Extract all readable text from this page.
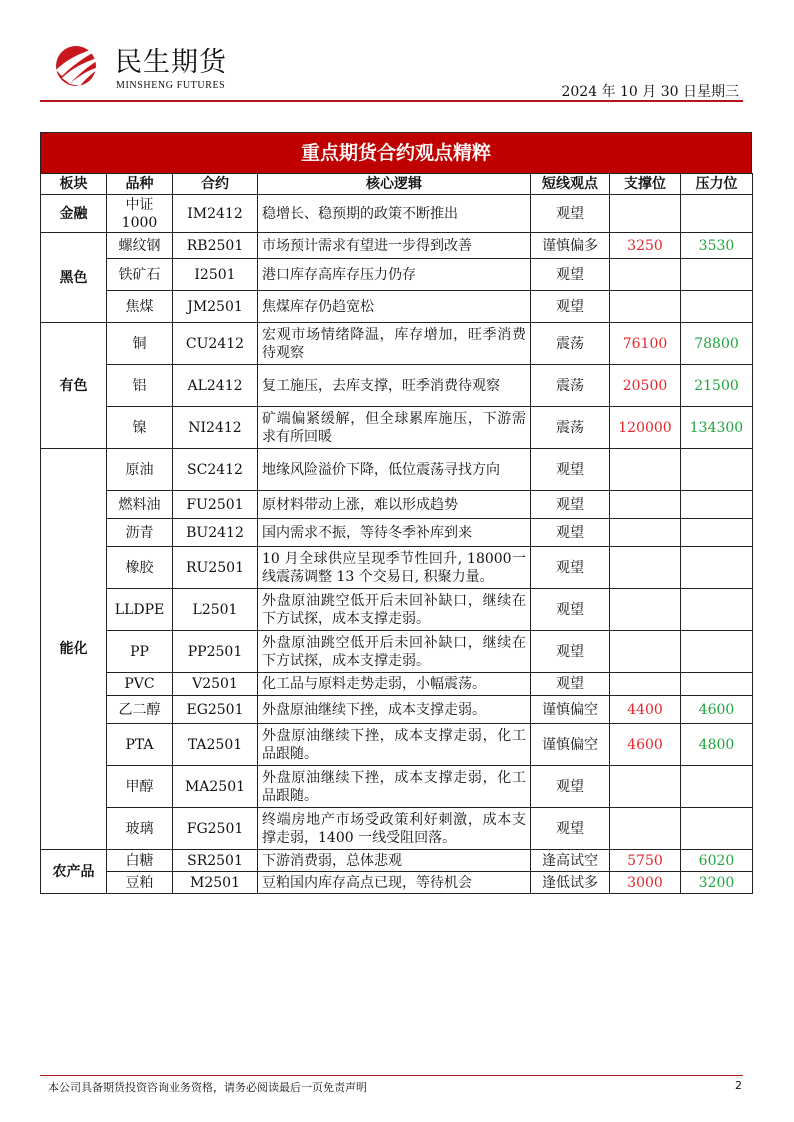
民生期货
MINSHENG FUTURES	2024 年 10 月 30 日星期三
重点期货合约观点精粹
板块	品种	合约	核心逻辑	短线观点	支撑位	压力位
金融	中证1000	IM2412	稳增长、稳预期的政策不断推出	观望		
黑色	螺纹钢	RB2501	市场预计需求有望进一步得到改善	谨慎偏多	3250	3530
	铁矿石	I2501	港口库存高库存压力仍存	观望		
	焦煤	JM2501	焦煤库存仍趋宽松	观望		
有色	铜	CU2412	宏观市场情绪降温，库存增加，旺季消费待观察	震荡	76100	78800
	铝	AL2412	复工施压，去库支撑，旺季消费待观察	震荡	20500	21500
	镍	NI2412	矿端偏紧缓解，但全球累库施压，下游需求有所回暖	震荡	120000	134300
能化	原油	SC2412	地缘风险溢价下降，低位震荡寻找方向	观望		
	燃料油	FU2501	原材料带动上涨，难以形成趋势	观望		
	沥青	BU2412	国内需求不振，等待冬季补库到来	观望		
	橡胶	RU2501	10 月全球供应呈现季节性回升, 18000一线震荡调整 13 个交易日, 积聚力量。	观望		
	LLDPE	L2501	外盘原油跳空低开后未回补缺口，继续在下方试探，成本支撑走弱。	观望		
	PP	PP2501	外盘原油跳空低开后未回补缺口，继续在下方试探，成本支撑走弱。	观望		
	PVC	V2501	化工品与原料走势走弱，小幅震荡。	观望		
	乙二醇	EG2501	外盘原油继续下挫，成本支撑走弱。	谨慎偏空	4400	4600
	PTA	TA2501	外盘原油继续下挫，成本支撑走弱，化工品跟随。	谨慎偏空	4600	4800
	甲醇	MA2501	外盘原油继续下挫，成本支撑走弱，化工品跟随。	观望		
	玻璃	FG2501	终端房地产市场受政策利好刺激，成本支撑走弱，1400 一线受阻回落。	观望		
农产品	白糖	SR2501	下游消费弱，总体悲观	逢高试空	5750	6020
	豆粕	M2501	豆粕国内库存高点已现，等待机会	逢低试多	3000	3200
本公司具备期货投资咨询业务资格，请务必阅读最后一页免责声明	2
